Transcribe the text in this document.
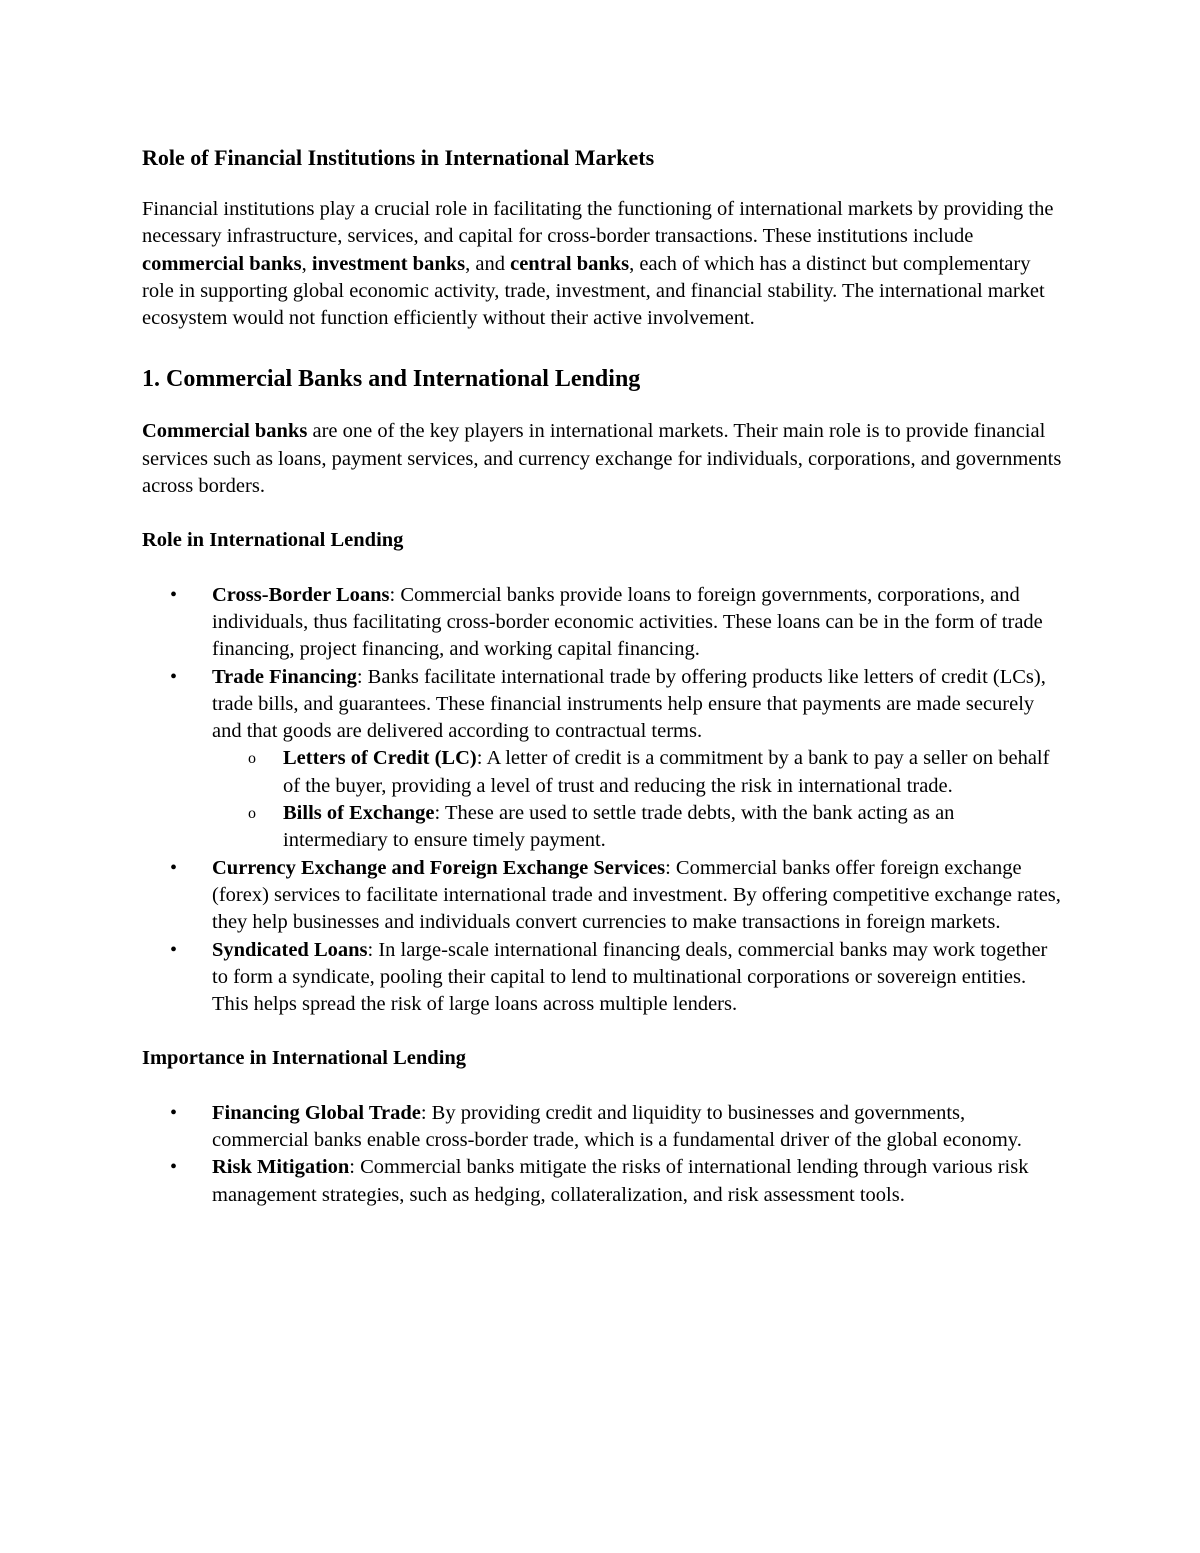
Role of Financial Institutions in International Markets

Financial institutions play a crucial role in facilitating the functioning of international markets by providing the necessary infrastructure, services, and capital for cross-border transactions. These institutions include commercial banks, investment banks, and central banks, each of which has a distinct but complementary role in supporting global economic activity, trade, investment, and financial stability. The international market ecosystem would not function efficiently without their active involvement.

1. Commercial Banks and International Lending

Commercial banks are one of the key players in international markets. Their main role is to provide financial services such as loans, payment services, and currency exchange for individuals, corporations, and governments across borders.

Role in International Lending
• Cross-Border Loans: Commercial banks provide loans to foreign governments, corporations, and individuals, thus facilitating cross-border economic activities. These loans can be in the form of trade financing, project financing, and working capital financing.
• Trade Financing: Banks facilitate international trade by offering products like letters of credit (LCs), trade bills, and guarantees. These financial instruments help ensure that payments are made securely and that goods are delivered according to contractual terms.
o Letters of Credit (LC): A letter of credit is a commitment by a bank to pay a seller on behalf of the buyer, providing a level of trust and reducing the risk in international trade.
o Bills of Exchange: These are used to settle trade debts, with the bank acting as an intermediary to ensure timely payment.
• Currency Exchange and Foreign Exchange Services: Commercial banks offer foreign exchange (forex) services to facilitate international trade and investment. By offering competitive exchange rates, they help businesses and individuals convert currencies to make transactions in foreign markets.
• Syndicated Loans: In large-scale international financing deals, commercial banks may work together to form a syndicate, pooling their capital to lend to multinational corporations or sovereign entities. This helps spread the risk of large loans across multiple lenders.
Importance in International Lending
• Financing Global Trade: By providing credit and liquidity to businesses and governments, commercial banks enable cross-border trade, which is a fundamental driver of the global economy.
• Risk Mitigation: Commercial banks mitigate the risks of international lending through various risk management strategies, such as hedging, collateralization, and risk assessment tools.
